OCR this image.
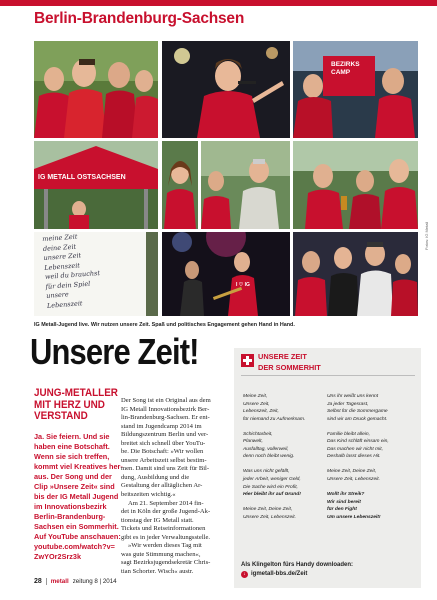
Berlin-Brandenburg-Sachsen
BEZIRKS CAMP
IG METALL OSTSACHSEN
meine Zeit
deine Zeit
unsere Zeit
Lebenszeit
weil du brauchst
für dein Spiel
unsere
Lebenszeit
I ♡ IG
Fotos: IG Metall
IG Metall-Jugend live. Wir nutzen unsere Zeit. Spaß und politisches Engagement gehen Hand in Hand.
Unsere Zeit!
JUNG-METALLER
MIT HERZ UND
VERSTAND
Ja. Sie feiern. Und sie
haben eine Botschaft.
Wenn sie sich treffen,
kommt viel Kreatives her-
aus. Der Song und der
Clip »Unsere Zeit« sind
bis der IG Metall Jugend
im Innovationsbezirk
Berlin-Brandenburg-
Sachsen ein Sommerhit.
Auf YouTube anschauen:
youtube.com/watch?v=
ZwYOr2Srz3k
Der Song ist ein Original aus dem
IG Metall Innovationsbezirk Ber-
lin-Brandenburg-Sachsen. Er ent-
stand im Jugendcamp 2014 im
Bildungszentrum Berlin und ver-
breitet sich schnell über YouTu-
be. Die Botschaft: »Wir wollen
unsere Arbeitszeit selbst bestim-
men. Damit sind uns Zeit für Bil-
dung, Ausbildung und die
Gestaltung der alltäglichen Ar-
beitszeiten wichtig.«
Am 21. September 2014 fin-
det in Köln der große Jugend-Ak-
tionstag der IG Metall statt.
Tickets und Reiseinformationen
gibt es in jeder Verwaltungsstelle.
»Wir werden dieses Tag mit
was gute Stimmung machen«,
sagt Bezirksjugendsekretär Chris-
tian Schorter. Wisch« austr.
UNSERE ZEIT
DER SOMMERHIT
Meine Zeit,
Unsere Zeit,
Lebenszeit, Zeit,
für niemand zu Aufmerksam.
Schichtarbeit,
Planwelt,
Ausfalltag, vollerweil,
denn noch bleibt wenig.
Was uns nicht gefällt,
jeder Arbeit, weniger Geld,
Die Sache wird ein Profit,
Hier bleibt ihr auf Grund!
Meine Zeit, Deine Zeit,
Unsere Zeit, Lebenszeit.
Uns ihr weißt uns kennt
Ja jeder Tagesrast,
Selbst für die Sommergame
sind wir am Druck gemacht.
Familie bleibt allein,
Das Kind schläft einsam ein,
Das machen wir nicht mit,
Deshalb lasst dieses Hit.
Meine Zeit, Deine Zeit,
Unsere Zeit, Lebenszeit.
Wollt ihr Streik?
Wir sind bereit
für den Fight
Um unsere Lebenszeit!
Als Klingelton fürs Handy downloaden:
↓ igmetall-bbs.de/Zeit
28 metall zeitung 8 | 2014
